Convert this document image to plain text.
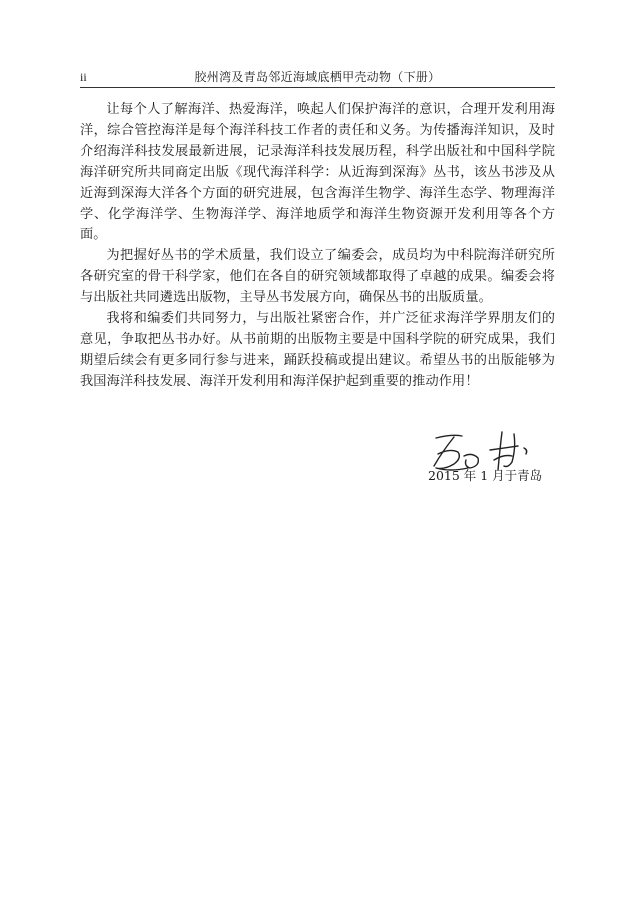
ii	胶州湾及青岛邻近海域底栖甲壳动物（下册）

让每个人了解海洋、热爱海洋，唤起人们保护海洋的意识，合理开发利用海洋，综合管控海洋是每个海洋科技工作者的责任和义务。为传播海洋知识，及时介绍海洋科技发展最新进展，记录海洋科技发展历程，科学出版社和中国科学院海洋研究所共同商定出版《现代海洋科学：从近海到深海》丛书，该丛书涉及从近海到深海大洋各个方面的研究进展，包含海洋生物学、海洋生态学、物理海洋学、化学海洋学、生物海洋学、海洋地质学和海洋生物资源开发利用等各个方面。

为把握好丛书的学术质量，我们设立了编委会，成员均为中科院海洋研究所各研究室的骨干科学家，他们在各自的研究领域都取得了卓越的成果。编委会将与出版社共同遴选出版物，主导丛书发展方向，确保丛书的出版质量。

我将和编委们共同努力，与出版社紧密合作，并广泛征求海洋学界朋友们的意见，争取把丛书办好。从书前期的出版物主要是中国科学院的研究成果，我们期望后续会有更多同行参与进来，踊跃投稿或提出建议。希望丛书的出版能够为我国海洋科技发展、海洋开发利用和海洋保护起到重要的推动作用！

2015 年 1 月于青岛
